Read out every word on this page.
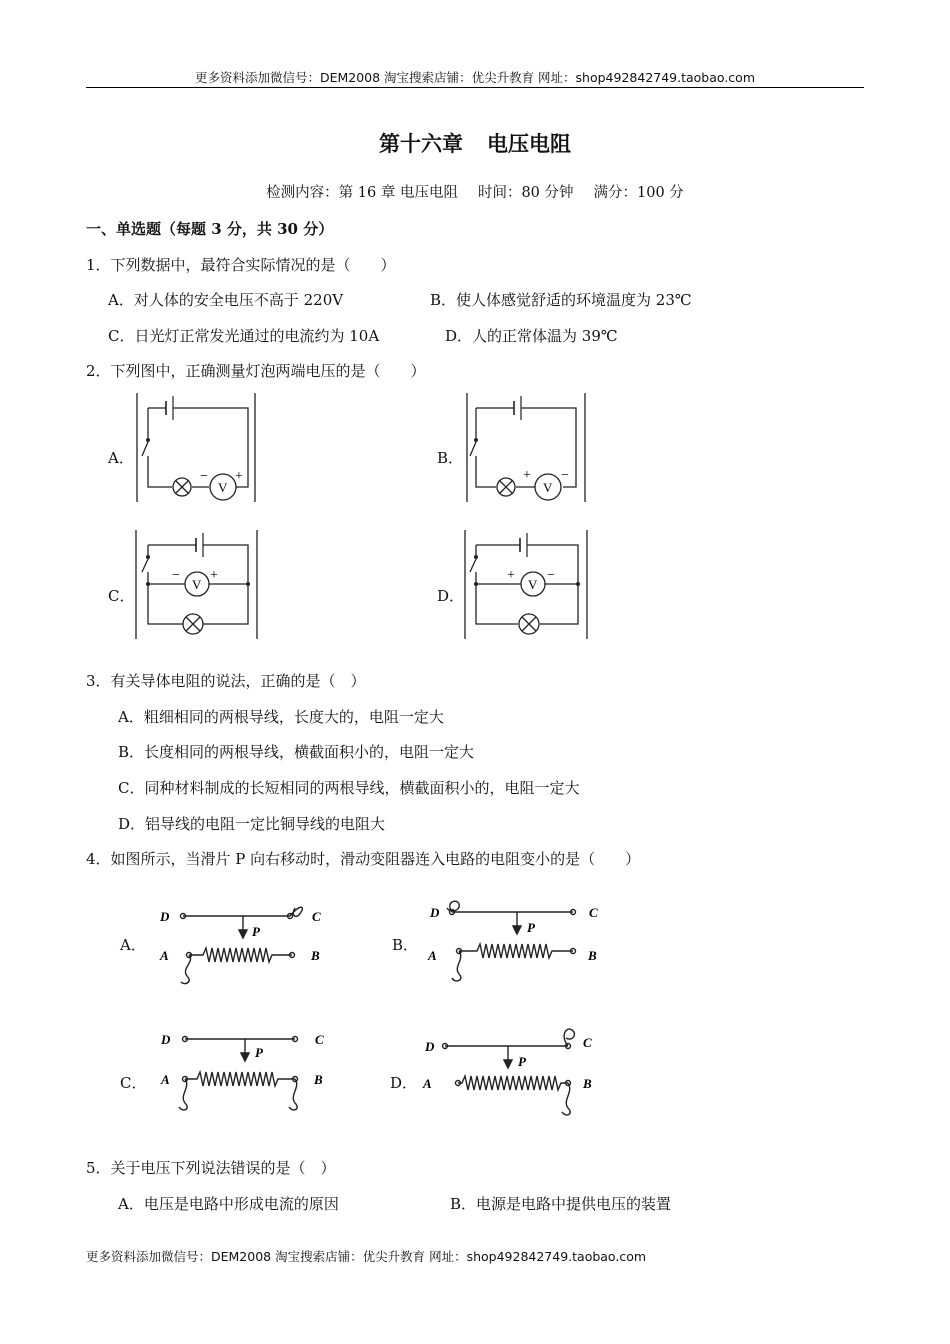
更多资料添加微信号：DEM2008 淘宝搜索店铺：优尖升教育 网址：shop492842749.taobao.com
第十六章 电压电阻
检测内容：第 16 章 电压电阻 时间：80 分钟 满分：100 分
一、单选题（每题 3 分，共 30 分）
1．下列数据中，最符合实际情况的是（　　）
A．对人体的安全电压不高于 220V	B．使人体感觉舒适的环境温度为 23℃
C．日光灯正常发光通过的电流约为 10A	D．人的正常体温为 39℃
2．下列图中，正确测量灯泡两端电压的是（　　）
A．
V
− +
B．
V
+ −
C．
V
− +
D．
V
+ −
3．有关导体电阻的说法，正确的是（　）
A．粗细相同的两根导线，长度大的，电阻一定大
B．长度相同的两根导线，横截面积小的，电阻一定大
C．同种材料制成的长短相同的两根导线，横截面积小的，电阻一定大
D．铝导线的电阻一定比铜导线的电阻大
4．如图所示，当滑片 P 向右移动时，滑动变阻器连入电路的电阻变小的是（　　）
A．
D	C
P
A	B
B．
D	C
P
A	B
C．
D	C
P
A	B	D．
D	C
P
A	B
5．关于电压下列说法错误的是（　）
A．电压是电路中形成电流的原因	B．电源是电路中提供电压的装置
更多资料添加微信号：DEM2008 淘宝搜索店铺：优尖升教育 网址：shop492842749.taobao.com
